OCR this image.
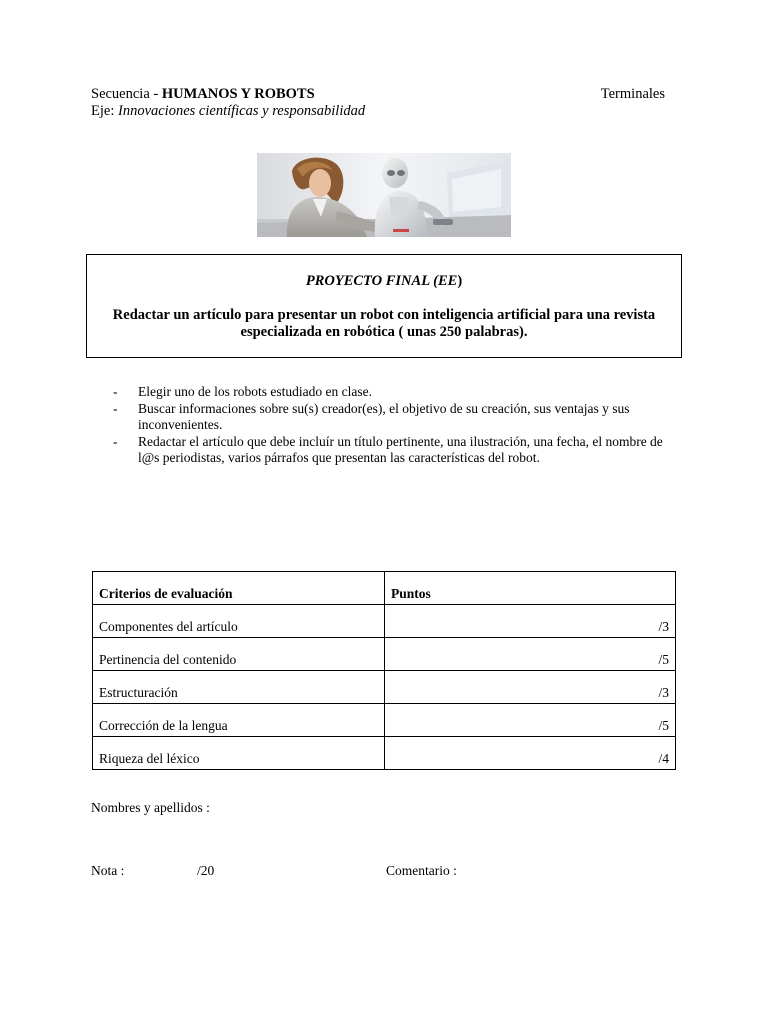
Secuencia - HUMANOS Y ROBOTS	Terminales
Eje: Innovaciones científicas y responsabilidad
PROYECTO FINAL (EE)
Redactar un artículo para presentar un robot con inteligencia artificial para una revista especializada en robótica ( unas 250 palabras).
- Elegir uno de los robots estudiado en clase.
- Buscar informaciones sobre su(s) creador(es), el objetivo de su creación, sus ventajas y sus inconvenientes.
- Redactar el artículo que debe incluír un título pertinente, una ilustración, una fecha, el nombre de l@s periodistas, varios párrafos que presentan las características del robot.
Criterios de evaluación	Puntos
Componentes del artículo	/3
Pertinencia del contenido	/5
Estructuración	/3
Corrección de la lengua	/5
Riqueza del léxico	/4
Nombres y apellidos :
Nota :	/20	Comentario :
